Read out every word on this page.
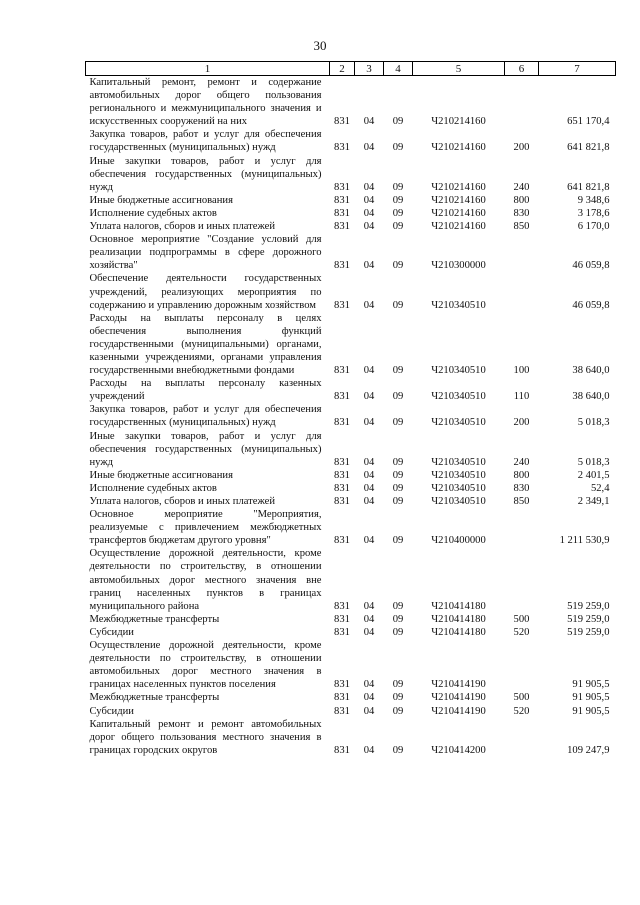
30
1	2	3	4	5	6	7
Капитальный ремонт, ремонт и содержание автомобильных дорог общего пользования регионального и межмуниципального значения и искусственных сооружений на них	831	04	09	Ч210214160		651 170,4
Закупка товаров, работ и услуг для обеспечения государственных (муниципальных) нужд	831	04	09	Ч210214160	200	641 821,8
Иные закупки товаров, работ и услуг для обеспечения государственных (муниципальных) нужд	831	04	09	Ч210214160	240	641 821,8
Иные бюджетные ассигнования	831	04	09	Ч210214160	800	9 348,6
Исполнение судебных актов	831	04	09	Ч210214160	830	3 178,6
Уплата налогов, сборов и иных платежей	831	04	09	Ч210214160	850	6 170,0
Основное мероприятие "Создание условий для реализации подпрограммы в сфере дорожного хозяйства"	831	04	09	Ч210300000		46 059,8
Обеспечение деятельности государственных учреждений, реализующих мероприятия по содержанию и управлению дорожным хозяйством	831	04	09	Ч210340510		46 059,8
Расходы на выплаты персоналу в целях обеспечения выполнения функций государственными (муниципальными) органами, казенными учреждениями, органами управления государственными внебюджетными фондами	831	04	09	Ч210340510	100	38 640,0
Расходы на выплаты персоналу казенных учреждений	831	04	09	Ч210340510	110	38 640,0
Закупка товаров, работ и услуг для обеспечения государственных (муниципальных) нужд	831	04	09	Ч210340510	200	5 018,3
Иные закупки товаров, работ и услуг для обеспечения государственных (муниципальных) нужд	831	04	09	Ч210340510	240	5 018,3
Иные бюджетные ассигнования	831	04	09	Ч210340510	800	2 401,5
Исполнение судебных актов	831	04	09	Ч210340510	830	52,4
Уплата налогов, сборов и иных платежей	831	04	09	Ч210340510	850	2 349,1
Основное мероприятие "Мероприятия, реализуемые с привлечением межбюджетных трансфертов бюджетам другого уровня"	831	04	09	Ч210400000		1 211 530,9
Осуществление дорожной деятельности, кроме деятельности по строительству, в отношении автомобильных дорог местного значения вне границ населенных пунктов в границах муниципального района	831	04	09	Ч210414180		519 259,0
Межбюджетные трансферты	831	04	09	Ч210414180	500	519 259,0
Субсидии	831	04	09	Ч210414180	520	519 259,0
Осуществление дорожной деятельности, кроме деятельности по строительству, в отношении автомобильных дорог местного значения в границах населенных пунктов поселения	831	04	09	Ч210414190		91 905,5
Межбюджетные трансферты	831	04	09	Ч210414190	500	91 905,5
Субсидии	831	04	09	Ч210414190	520	91 905,5
Капитальный ремонт и ремонт автомобильных дорог общего пользования местного значения в границах городских округов	831	04	09	Ч210414200		109 247,9
